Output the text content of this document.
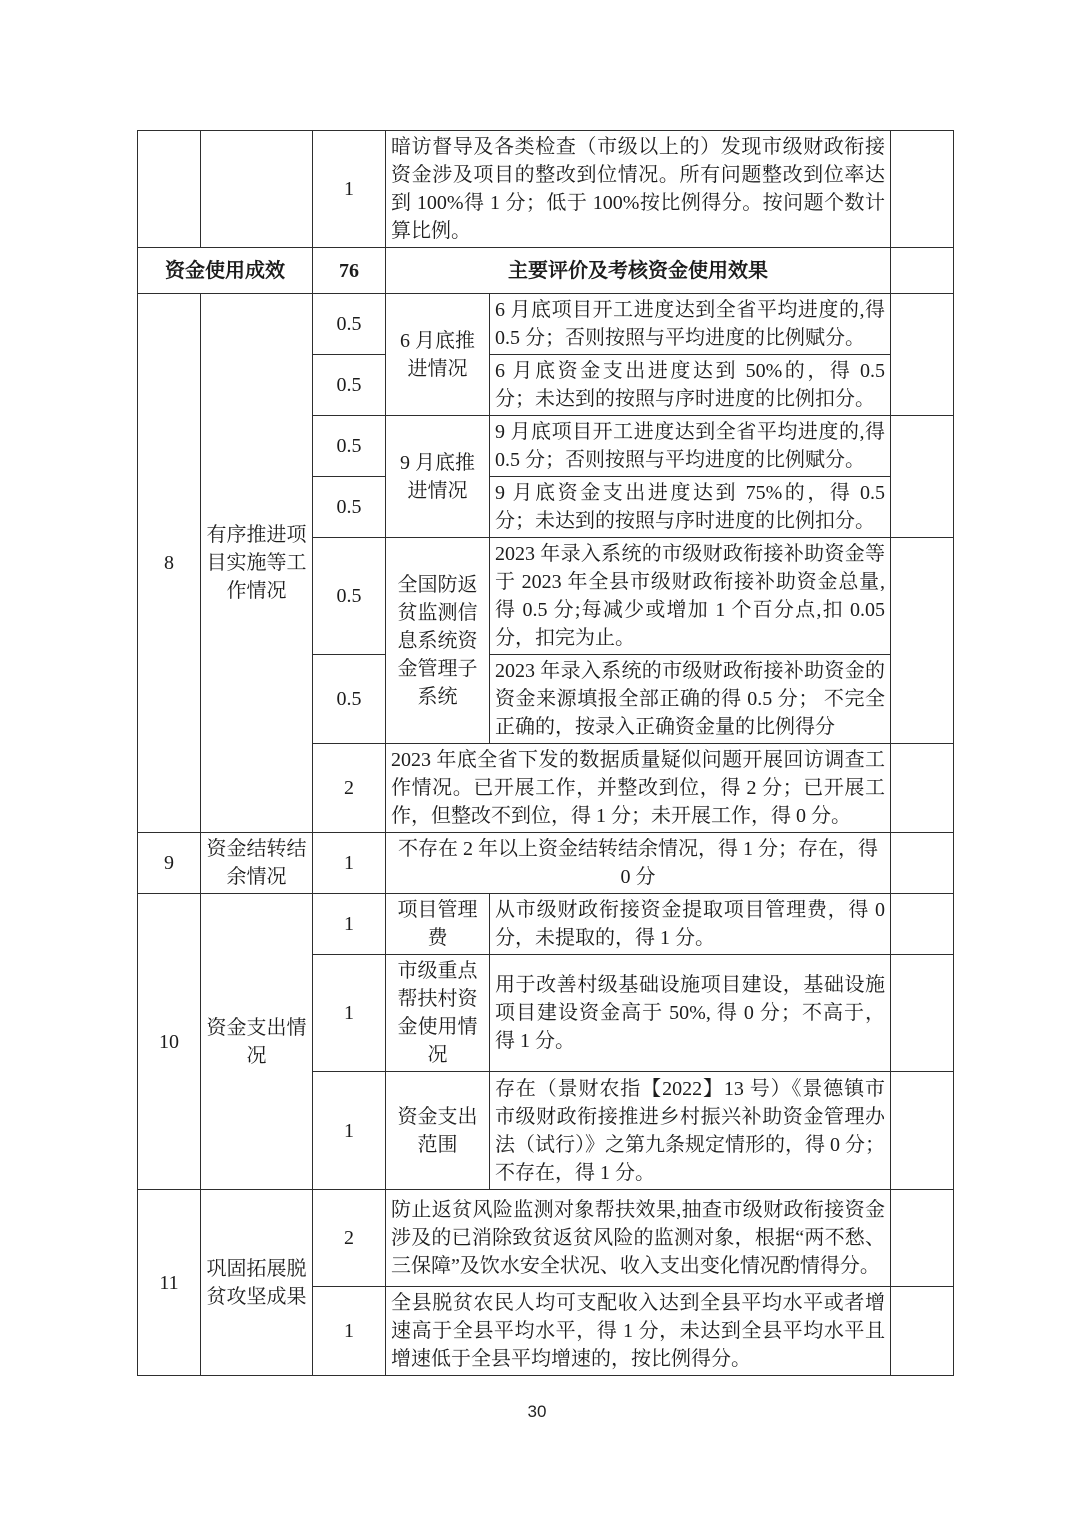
		1	暗访督导及各类检查（市级以上的）发现市级财政衔接资金涉及项目的整改到位情况。所有问题整改到位率达到 100%得 1 分；低于 100%按比例得分。按问题个数计算比例。		
资金使用成效		76	主要评价及考核资金使用效果		
8	有序推进项目实施等工作情况	0.5	6 月底推进情况	6 月底项目开工进度达到全省平均进度的,得 0.5 分；否则按照与平均进度的比例赋分。	
		0.5		6 月底资金支出进度达到 50%的，得 0.5 分；未达到的按照与序时进度的比例扣分。	
		0.5	9 月底推进情况	9 月底项目开工进度达到全省平均进度的,得 0.5 分；否则按照与平均进度的比例赋分。	
		0.5		9 月底资金支出进度达到 75%的，得 0.5 分；未达到的按照与序时进度的比例扣分。	
		0.5	全国防返贫监测信息系统资金管理子系统	2023 年录入系统的市级财政衔接补助资金等于 2023 年全县市级财政衔接补助资金总量,得 0.5 分;每减少或增加 1 个百分点,扣 0.05 分，扣完为止。	
		0.5		2023 年录入系统的市级财政衔接补助资金的资金来源填报全部正确的得 0.5 分； 不完全正确的，按录入正确资金量的比例得分	
		2	2023 年底全省下发的数据质量疑似问题开展回访调查工作情况。已开展工作，并整改到位，得 2 分；已开展工作，但整改不到位，得 1 分；未开展工作，得 0 分。		
9	资金结转结余情况	1	不存在 2 年以上资金结转结余情况，得 1 分；存在，得 0 分		
10	资金支出情况	1	项目管理费	从市级财政衔接资金提取项目管理费，得 0 分，未提取的，得 1 分。	
		1	市级重点帮扶村资金使用情况	用于改善村级基础设施项目建设，基础设施项目建设资金高于 50%, 得 0 分；不高于，得 1 分。	
		1	资金支出范围	存在（景财农指【2022】13 号）《景德镇市市级财政衔接推进乡村振兴补助资金管理办法（试行）》之第九条规定情形的，得 0 分；不存在，得 1 分。	
11	巩固拓展脱贫攻坚成果	2	防止返贫风险监测对象帮扶效果,抽查市级财政衔接资金涉及的已消除致贫返贫风险的监测对象，根据“两不愁、三保障”及饮水安全状况、收入支出变化情况酌情得分。		
		1	全县脱贫农民人均可支配收入达到全县平均水平或者增速高于全县平均水平，得 1 分，未达到全县平均水平且增速低于全县平均增速的，按比例得分。		
30
